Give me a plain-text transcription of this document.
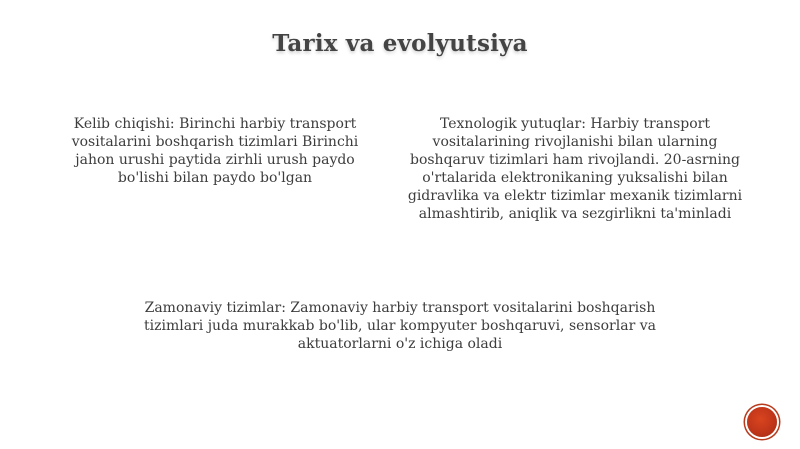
Tarix va evolyutsiya
Kelib chiqishi: Birinchi harbiy transport vositalarini boshqarish tizimlari Birinchi jahon urushi paytida zirhli urush paydo bo'lishi bilan paydo bo'lgan
Texnologik yutuqlar: Harbiy transport vositalarining rivojlanishi bilan ularning boshqaruv tizimlari ham rivojlandi. 20-asrning o'rtalarida elektronikaning yuksalishi bilan gidravlika va elektr tizimlar mexanik tizimlarni almashtirib, aniqlik va sezgirlikni ta'minladi
Zamonaviy tizimlar: Zamonaviy harbiy transport vositalarini boshqarish tizimlari juda murakkab bo'lib, ular kompyuter boshqaruvi, sensorlar va aktuatorlarni o'z ichiga oladi
